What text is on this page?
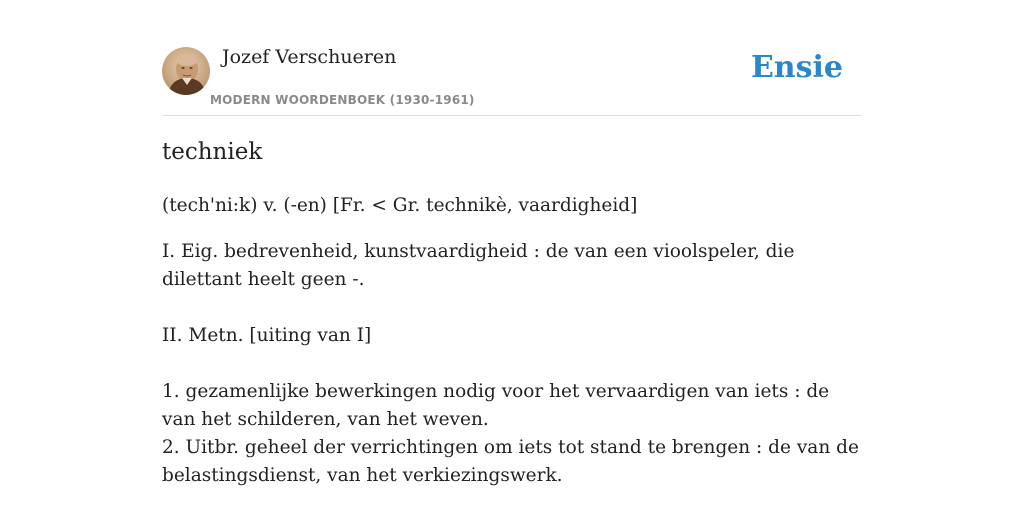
Jozef Verschueren
MODERN WOORDENBOEK (1930-1961)
Ensie
techniek

(tech'ni:k) v. (-en) [Fr. < Gr. technikè, vaardigheid]

I. Eig. bedrevenheid, kunstvaardigheid : de van een vioolspeler, die dilettant heelt geen -.

II. Metn. [uiting van I]

1. gezamenlijke bewerkingen nodig voor het vervaardigen van iets : de van het schilderen, van het weven.

2. Uitbr. geheel der verrichtingen om iets tot stand te brengen : de van de belastingsdienst, van het verkiezingswerk.
